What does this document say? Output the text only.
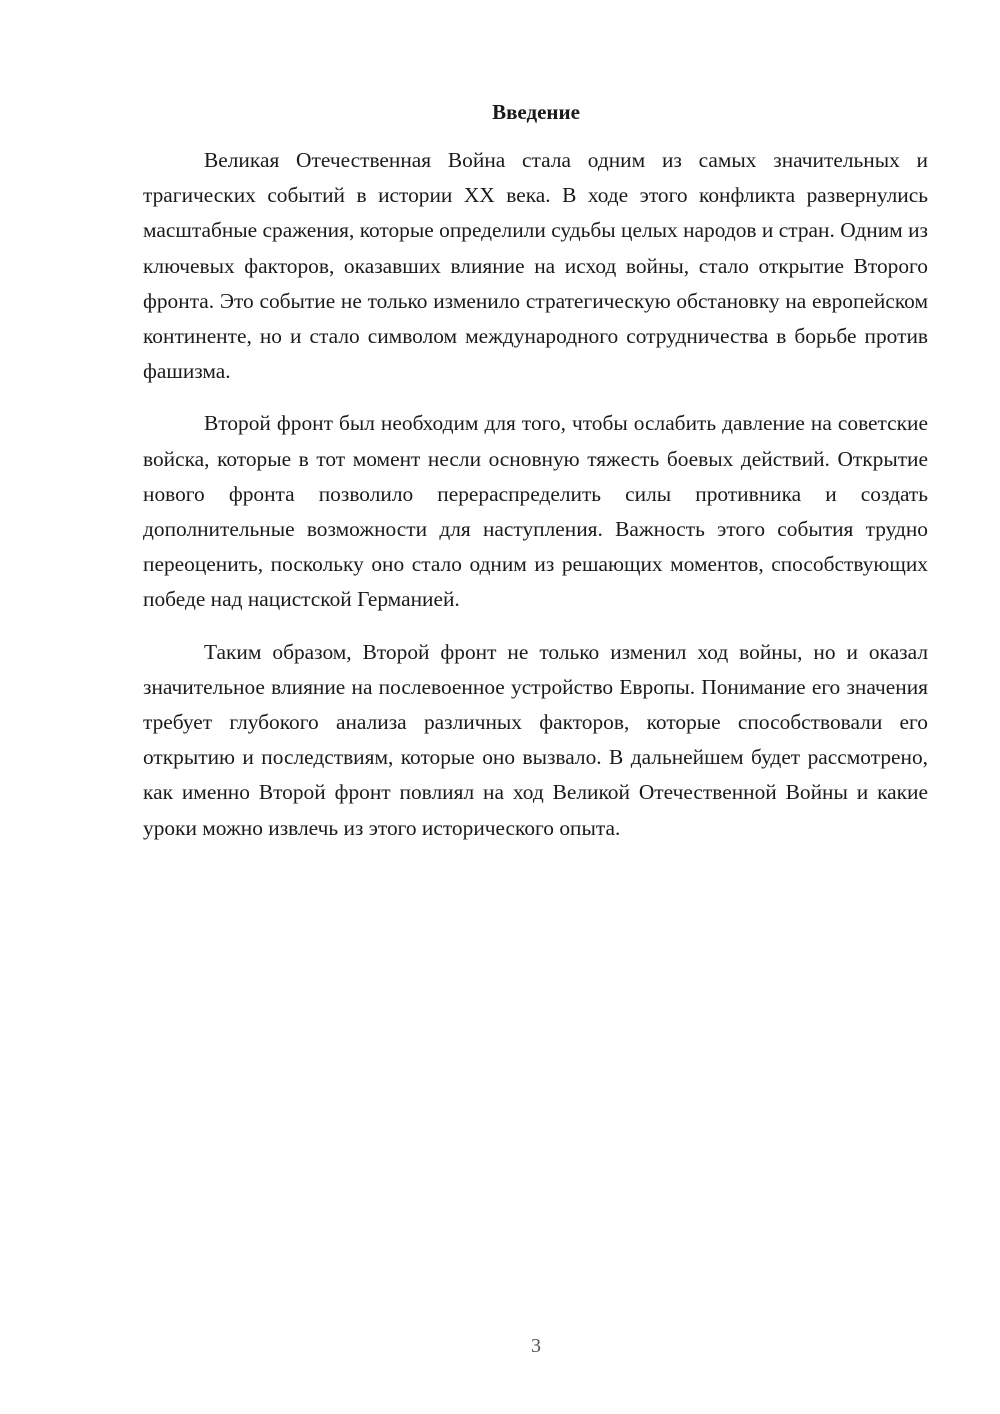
Введение

Великая Отечественная Война стала одним из самых значительных и трагических событий в истории XX века. В ходе этого конфликта развернулись масштабные сражения, которые определили судьбы целых народов и стран. Одним из ключевых факторов, оказавших влияние на исход войны, стало открытие Второго фронта. Это событие не только изменило стратегическую обстановку на европейском континенте, но и стало символом международного сотрудничества в борьбе против фашизма.

Второй фронт был необходим для того, чтобы ослабить давление на советские войска, которые в тот момент несли основную тяжесть боевых действий. Открытие нового фронта позволило перераспределить силы противника и создать дополнительные возможности для наступления. Важность этого события трудно переоценить, поскольку оно стало одним из решающих моментов, способствующих победе над нацистской Германией.

Таким образом, Второй фронт не только изменил ход войны, но и оказал значительное влияние на послевоенное устройство Европы. Понимание его значения требует глубокого анализа различных факторов, которые способствовали его открытию и последствиям, которые оно вызвало. В дальнейшем будет рассмотрено, как именно Второй фронт повлиял на ход Великой Отечественной Войны и какие уроки можно извлечь из этого исторического опыта.

3
